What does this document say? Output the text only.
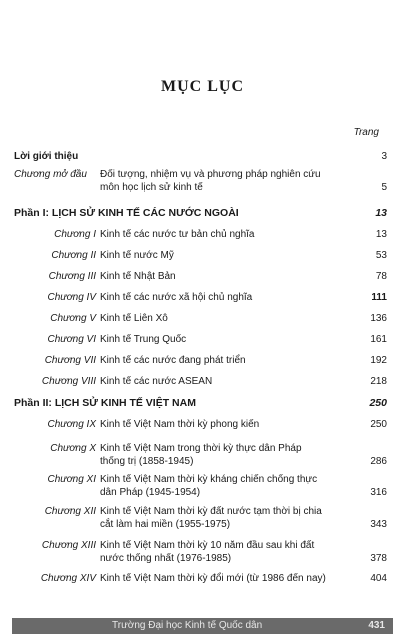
MỤC LỤC
Trang
Lời giới thiệu	3
Chương mở đầu Đối tượng, nhiệm vụ và phương pháp nghiên cứu
môn học lịch sử kinh tế	5
Phần I: LỊCH SỬ KINH TẾ CÁC NƯỚC NGOÀI	13
Chương I Kinh tế các nước tư bản chủ nghĩa	13
Chương II Kinh tế nước Mỹ	53
Chương III Kinh tế Nhật Bản	78
Chương IV Kinh tế các nước xã hội chủ nghĩa	111
Chương V Kinh tế Liên Xô	136
Chương VI Kinh tế Trung Quốc	161
Chương VII Kinh tế các nước đang phát triển	192
Chương VIII Kinh tế các nước ASEAN	218
Phần II: LỊCH SỬ KINH TẾ VIỆT NAM	250
Chương IX Kinh tế Việt Nam thời kỳ phong kiến	250
Chương X Kinh tế Việt Nam trong thời kỳ thực dân Pháp
thống trị (1858-1945)	286
Chương XI Kinh tế Việt Nam thời kỳ kháng chiến chống thực
dân Pháp (1945-1954)	316
Chương XII Kinh tế Việt Nam thời kỳ đất nước tạm thời bị chia
cắt làm hai miền (1955-1975)	343
Chương XIII Kinh tế Việt Nam thời kỳ 10 năm đầu sau khi đất
nước thống nhất (1976-1985)	378
Chương XIV Kinh tế Việt Nam thời kỳ đổi mới (từ 1986 đến nay)	404
Trường Đại học Kinh tế Quốc dân	431
